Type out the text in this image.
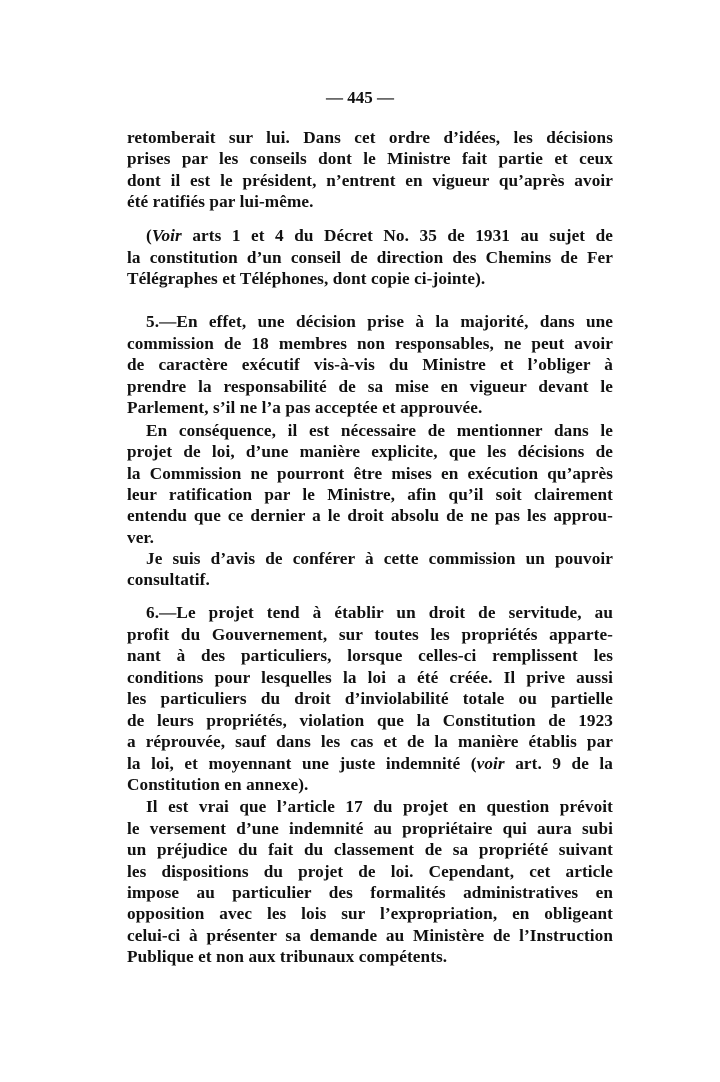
— 445 —
retomberait sur lui. Dans cet ordre d’idées, les décisions
prises par les conseils dont le Ministre fait partie et ceux
dont il est le président, n’entrent en vigueur qu’après avoir
été ratifiés par lui-même.
(Voir arts 1 et 4 du Décret No. 35 de 1931 au sujet de
la constitution d’un conseil de direction des Chemins de Fer
Télégraphes et Téléphones, dont copie ci-jointe).
5.—En effet, une décision prise à la majorité, dans une
commission de 18 membres non responsables, ne peut avoir
de caractère exécutif vis-à-vis du Ministre et l’obliger à
prendre la responsabilité de sa mise en vigueur devant le
Parlement, s’il ne l’a pas acceptée et approuvée.
En conséquence, il est nécessaire de mentionner dans le
projet de loi, d’une manière explicite, que les décisions de
la Commission ne pourront être mises en exécution qu’après
leur ratification par le Ministre, afin qu’il soit clairement
entendu que ce dernier a le droit absolu de ne pas les approu-
ver.
Je suis d’avis de conférer à cette commission un pouvoir
consultatif.
6.—Le projet tend à établir un droit de servitude, au
profit du Gouvernement, sur toutes les propriétés apparte-
nant à des particuliers, lorsque celles-ci remplissent les
conditions pour lesquelles la loi a été créée. Il prive aussi
les particuliers du droit d’inviolabilité totale ou partielle
de leurs propriétés, violation que la Constitution de 1923
a réprouvée, sauf dans les cas et de la manière établis par
la loi, et moyennant une juste indemnité (voir art. 9 de la
Constitution en annexe).
Il est vrai que l’article 17 du projet en question prévoit
le versement d’une indemnité au propriétaire qui aura subi
un préjudice du fait du classement de sa propriété suivant
les dispositions du projet de loi. Cependant, cet article
impose au particulier des formalités administratives en
opposition avec les lois sur l’expropriation, en obligeant
celui-ci à présenter sa demande au Ministère de l’Instruction
Publique et non aux tribunaux compétents.
